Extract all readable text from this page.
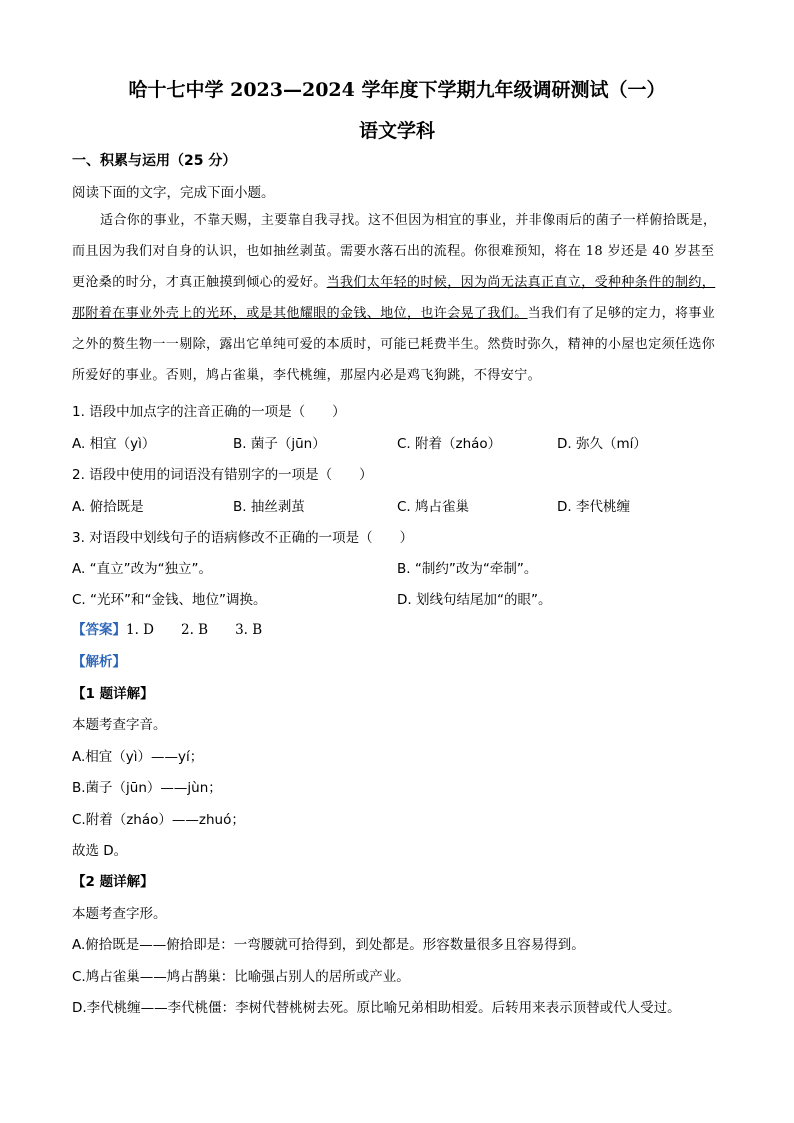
哈十七中学 2023—2024 学年度下学期九年级调研测试（一）
语文学科
一、积累与运用（25 分）
阅读下面的文字，完成下面小题。
适合你的事业，不靠天赐，主要靠自我寻找。这不但因为相宜的事业，并非像雨后的菌子一样俯拾既是，而且因为我们对自身的认识，也如抽丝剥茧。需要水落石出的流程。你很难预知，将在 18 岁还是 40 岁甚至更沧桑的时分，才真正触摸到倾心的爱好。当我们太年轻的时候，因为尚无法真正直立，受种种条件的制约，那附着在事业外壳上的光环，或是其他耀眼的金钱、地位，也许会晃了我们。当我们有了足够的定力，将事业之外的赘生物一一剔除，露出它单纯可爱的本质时，可能已耗费半生。然赀时弥久，精神的小屋也定须任选你所爱好的事业。否则，鸠占雀巢，李代桃缠，那屋内必是鸡飞狗跳，不得安宁。
1. 语段中加点字的注音正确的一项是（　　）
A. 相宜（yì）	B. 菌子（jūn）	C. 附着（zháo）	D. 弥久（mí）
2. 语段中使用的词语没有错别字的一项是（　　）
A. 俯拾既是	B. 抽丝剥茧	C. 鸠占雀巢	D. 李代桃缠
3. 对语段中划线句子的语病修改不正确的一项是（　　）
A. “直立”改为“独立”。	B. “制约”改为“牵制”。
C. “光环”和“金钱、地位”调换。	D. 划线句结尾加“的眼”。
【答案】1. D　　2. B　　3. B
【解析】
【1 题详解】
本题考查字音。
A.相宜（yì）——yí；
B.菌子（jūn）——jùn；
C.附着（zháo）——zhuó；
故选 D。
【2 题详解】
本题考查字形。
A.俯拾既是——俯拾即是：一弯腰就可拾得到，到处都是。形容数量很多且容易得到。
C.鸠占雀巢——鸠占鹊巢：比喻强占别人的居所或产业。
D.李代桃缠——李代桃僵：李树代替桃树去死。原比喻兄弟相助相爱。后转用来表示顶替或代人受过。
